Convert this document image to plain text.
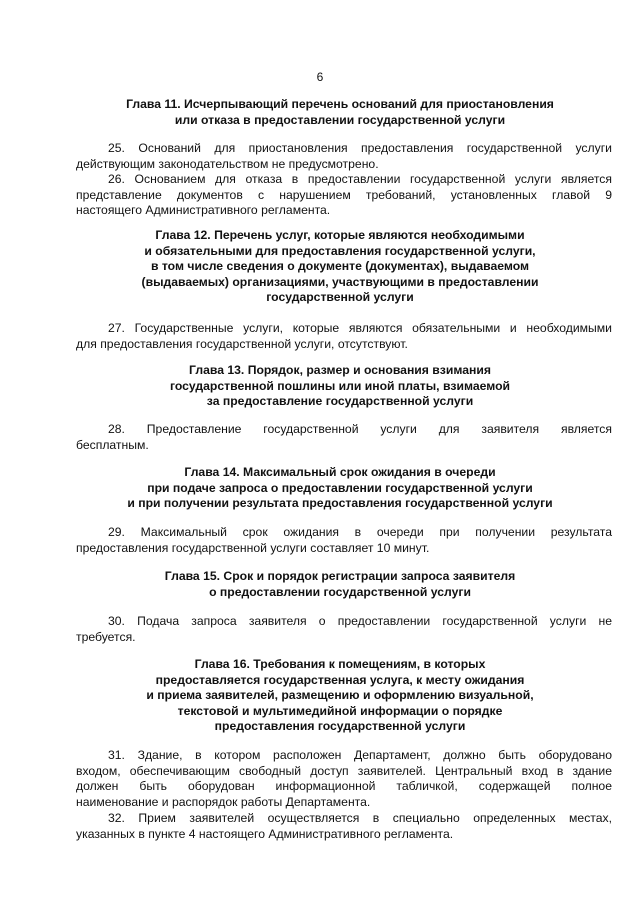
6
Глава 11. Исчерпывающий перечень оснований для приостановления
или отказа в предоставлении государственной услуги
25. Оснований для приостановления предоставления государственной услуги
действующим законодательством не предусмотрено.
26. Основанием для отказа в предоставлении государственной услуги является
представление документов с нарушением требований, установленных главой 9
настоящего Административного регламента.
Глава 12. Перечень услуг, которые являются необходимыми
и обязательными для предоставления государственной услуги,
в том числе сведения о документе (документах), выдаваемом
(выдаваемых) организациями, участвующими в предоставлении
государственной услуги
27. Государственные услуги, которые являются обязательными и необходимыми
для предоставления государственной услуги, отсутствуют.
Глава 13. Порядок, размер и основания взимания
государственной пошлины или иной платы, взимаемой
за предоставление государственной услуги
28. Предоставление государственной услуги для заявителя является
бесплатным.
Глава 14. Максимальный срок ожидания в очереди
при подаче запроса о предоставлении государственной услуги
и при получении результата предоставления государственной услуги
29. Максимальный срок ожидания в очереди при получении результата
предоставления государственной услуги составляет 10 минут.
Глава 15. Срок и порядок регистрации запроса заявителя
о предоставлении государственной услуги
30. Подача запроса заявителя о предоставлении государственной услуги не
требуется.
Глава 16. Требования к помещениям, в которых
предоставляется государственная услуга, к месту ожидания
и приема заявителей, размещению и оформлению визуальной,
текстовой и мультимедийной информации о порядке
предоставления государственной услуги
31. Здание, в котором расположен Департамент, должно быть оборудовано
входом, обеспечивающим свободный доступ заявителей. Центральный вход в здание
должен быть оборудован информационной табличкой, содержащей полное
наименование и распорядок работы Департамента.
32. Прием заявителей осуществляется в специально определенных местах,
указанных в пункте 4 настоящего Административного регламента.
